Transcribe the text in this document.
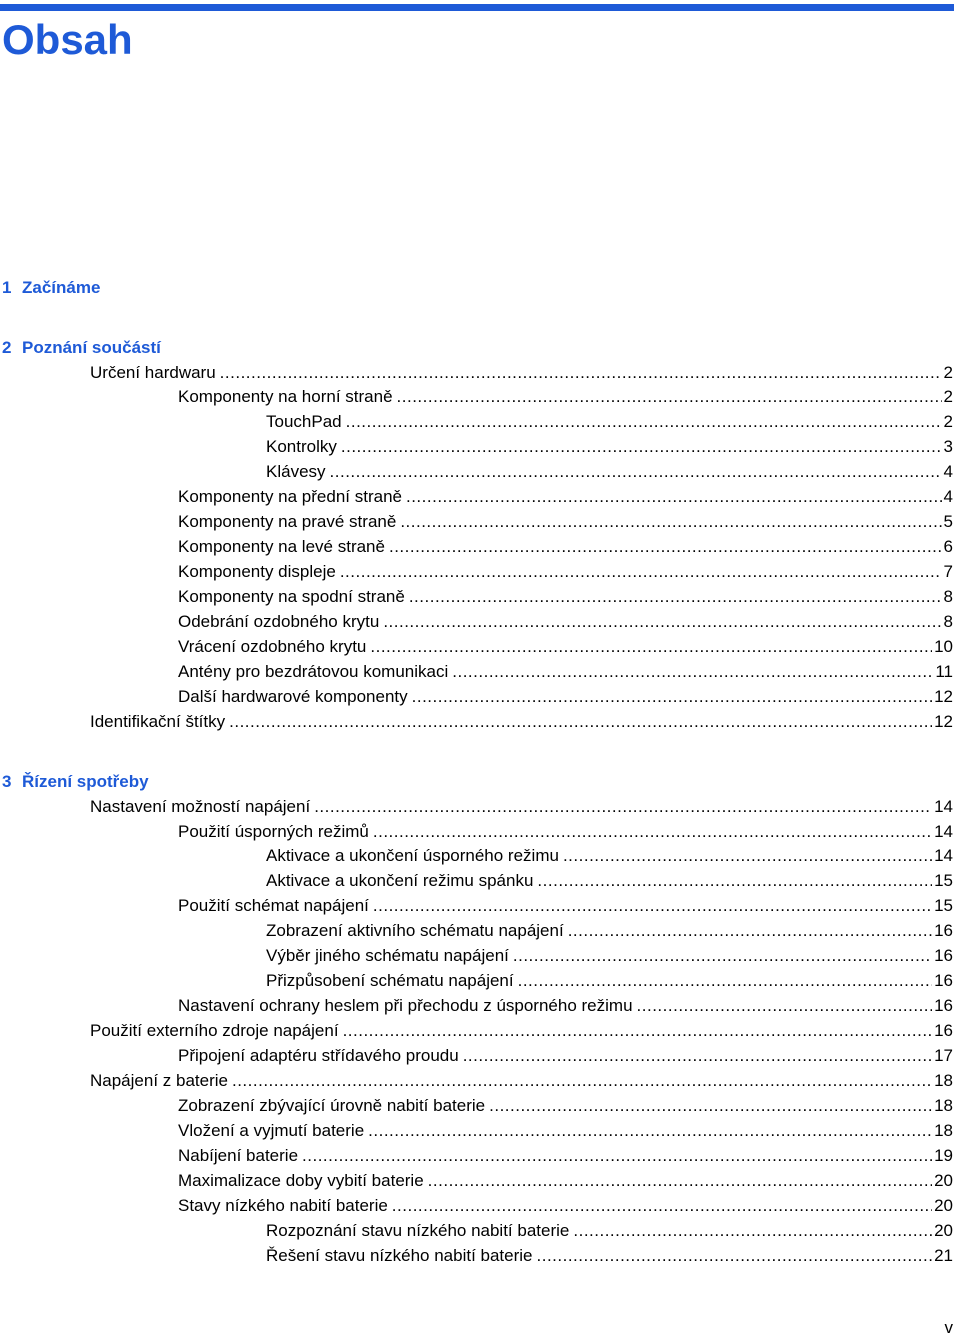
Obsah
1 Začínáme
2 Poznání součástí
Určení hardwaru .....	2
Komponenty na horní straně .....	2
TouchPad .....	2
Kontrolky .....	3
Klávesy .....	4
Komponenty na přední straně .....	4
Komponenty na pravé straně .....	5
Komponenty na levé straně .....	6
Komponenty displeje .....	7
Komponenty na spodní straně .....	8
Odebrání ozdobného krytu .....	8
Vrácení ozdobného krytu .....	10
Antény pro bezdrátovou komunikaci .....	11
Další hardwarové komponenty .....	12
Identifikační štítky .....	12
3 Řízení spotřeby
Nastavení možností napájení .....	14
Použití úsporných režimů .....	14
Aktivace a ukončení úsporného režimu .....	14
Aktivace a ukončení režimu spánku .....	15
Použití schémat napájení .....	15
Zobrazení aktivního schématu napájení .....	16
Výběr jiného schématu napájení .....	16
Přizpůsobení schématu napájení .....	16
Nastavení ochrany heslem při přechodu z úsporného režimu .....	16
Použití externího zdroje napájení .....	16
Připojení adaptéru střídavého proudu .....	17
Napájení z baterie .....	18
Zobrazení zbývající úrovně nabití baterie .....	18
Vložení a vyjmutí baterie .....	18
Nabíjení baterie .....	19
Maximalizace doby vybití baterie .....	20
Stavy nízkého nabití baterie .....	20
Rozpoznání stavu nízkého nabití baterie .....	20
Řešení stavu nízkého nabití baterie .....	21
v
